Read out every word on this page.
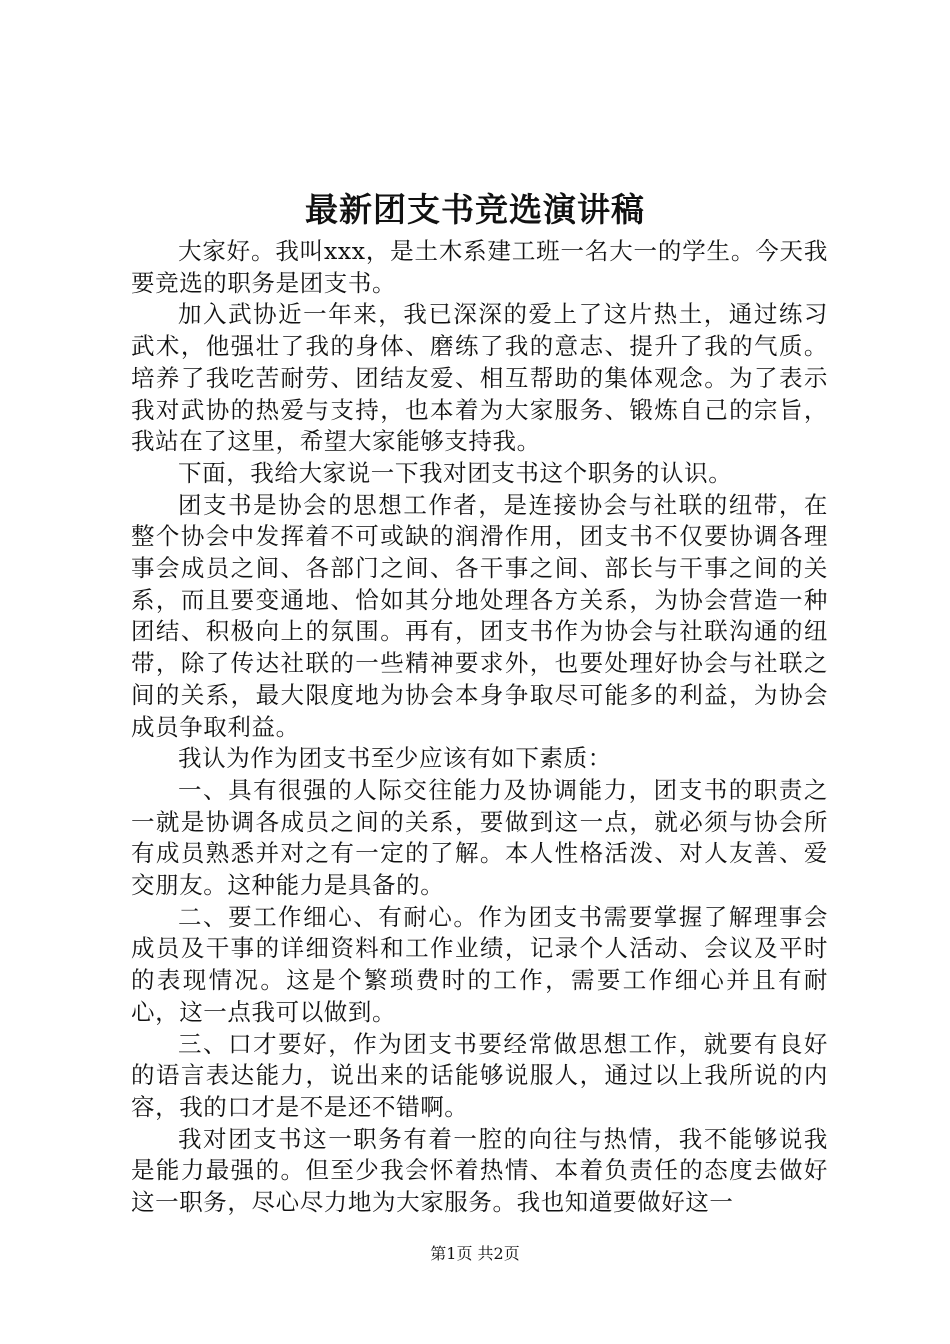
最新团支书竞选演讲稿

大家好。我叫xxx，是土木系建工班一名大一的学生。今天我要竞选的职务是团支书。

加入武协近一年来，我已深深的爱上了这片热土，通过练习武术，他强壮了我的身体、磨练了我的意志、提升了我的气质。培养了我吃苦耐劳、团结友爱、相互帮助的集体观念。为了表示我对武协的热爱与支持，也本着为大家服务、锻炼自己的宗旨，我站在了这里，希望大家能够支持我。

下面，我给大家说一下我对团支书这个职务的认识。

团支书是协会的思想工作者，是连接协会与社联的纽带，在整个协会中发挥着不可或缺的润滑作用，团支书不仅要协调各理事会成员之间、各部门之间、各干事之间、部长与干事之间的关系，而且要变通地、恰如其分地处理各方关系，为协会营造一种团结、积极向上的氛围。再有，团支书作为协会与社联沟通的纽带，除了传达社联的一些精神要求外，也要处理好协会与社联之间的关系，最大限度地为协会本身争取尽可能多的利益，为协会成员争取利益。

我认为作为团支书至少应该有如下素质：

一、具有很强的人际交往能力及协调能力，团支书的职责之一就是协调各成员之间的关系，要做到这一点，就必须与协会所有成员熟悉并对之有一定的了解。本人性格活泼、对人友善、爱交朋友。这种能力是具备的。

二、要工作细心、有耐心。作为团支书需要掌握了解理事会成员及干事的详细资料和工作业绩，记录个人活动、会议及平时的表现情况。这是个繁琐费时的工作，需要工作细心并且有耐心，这一点我可以做到。

三、口才要好，作为团支书要经常做思想工作，就要有良好的语言表达能力，说出来的话能够说服人，通过以上我所说的内容，我的口才是不是还不错啊。

我对团支书这一职务有着一腔的向往与热情，我不能够说我是能力最强的。但至少我会怀着热情、本着负责任的态度去做好这一职务，尽心尽力地为大家服务。我也知道要做好这一

第1页 共2页
